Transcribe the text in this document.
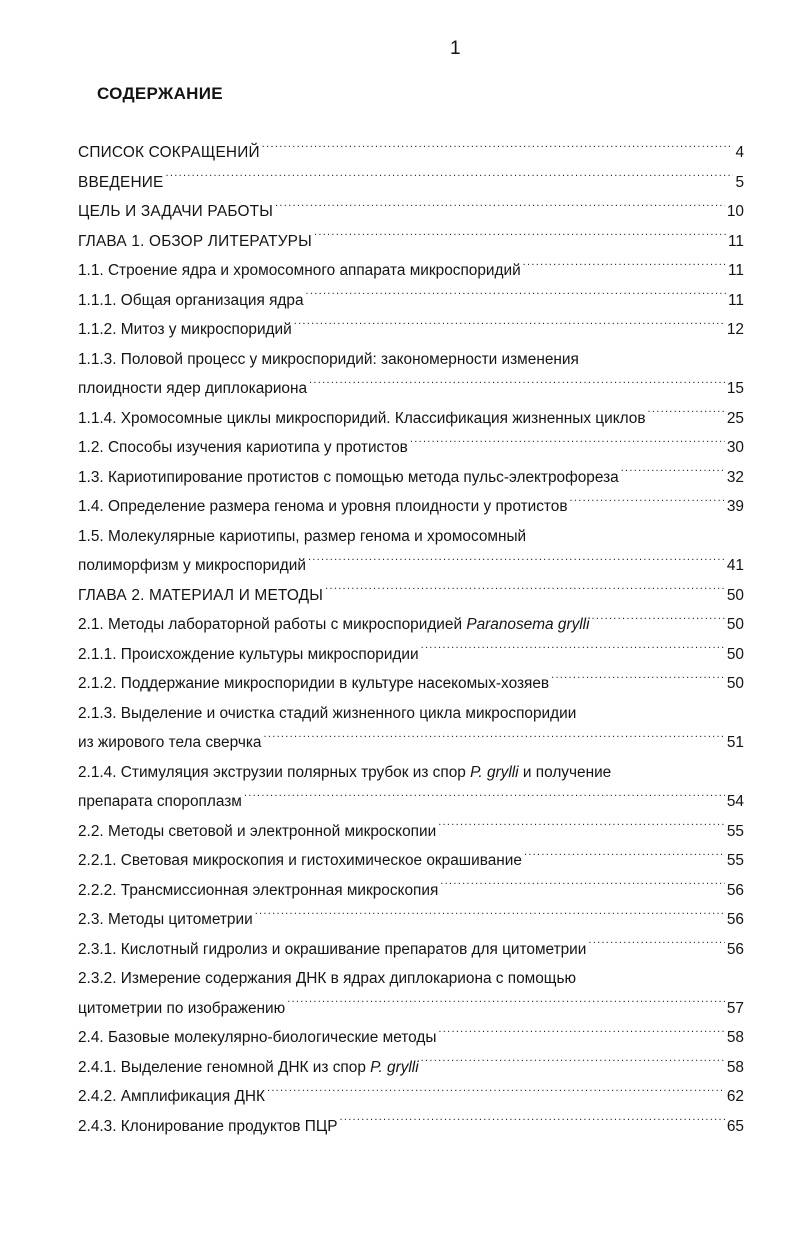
1
СОДЕРЖАНИЕ
СПИСОК СОКРАЩЕНИЙ .....	4
ВВЕДЕНИЕ .....	5
ЦЕЛЬ И ЗАДАЧИ РАБОТЫ .....	10
ГЛАВА 1. ОБЗОР ЛИТЕРАТУРЫ .....	11
1.1. Строение ядра и хромосомного аппарата микроспоридий .....	11
1.1.1. Общая организация ядра .....	11
1.1.2. Митоз у микроспоридий .....	12
1.1.3. Половой процесс у микроспоридий: закономерности изменения
плоидности ядер диплокариона .....	15
1.1.4. Хромосомные циклы микроспоридий. Классификация жизненных циклов .....	25
1.2. Способы изучения кариотипа у протистов .....	30
1.3. Кариотипирование протистов с помощью метода пульс-электрофореза .....	32
1.4. Определение размера генома и уровня плоидности у протистов .....	39
1.5. Молекулярные кариотипы, размер генома и хромосомный
полиморфизм у микроспоридий .....	41
ГЛАВА 2. МАТЕРИАЛ И МЕТОДЫ .....	50
2.1. Методы лабораторной работы с микроспоридией Paranosema grylli .....	50
2.1.1. Происхождение культуры микроспоридии .....	50
2.1.2. Поддержание микроспоридии в культуре насекомых-хозяев .....	50
2.1.3. Выделение и очистка стадий жизненного цикла микроспоридии
из жирового тела сверчка .....	51
2.1.4. Стимуляция экструзии полярных трубок из спор P. grylli и получение
препарата спороплазм .....	54
2.2. Методы световой и электронной микроскопии .....	55
2.2.1. Световая микроскопия и гистохимическое окрашивание .....	55
2.2.2. Трансмиссионная электронная микроскопия .....	56
2.3. Методы цитометрии .....	56
2.3.1. Кислотный гидролиз и окрашивание препаратов для цитометрии .....	56
2.3.2. Измерение содержания ДНК в ядрах диплокариона с помощью
цитометрии по изображению .....	57
2.4. Базовые молекулярно-биологические методы .....	58
2.4.1. Выделение геномной ДНК из спор P. grylli .....	58
2.4.2. Амплификация ДНК .....	62
2.4.3. Клонирование продуктов ПЦР .....	65
